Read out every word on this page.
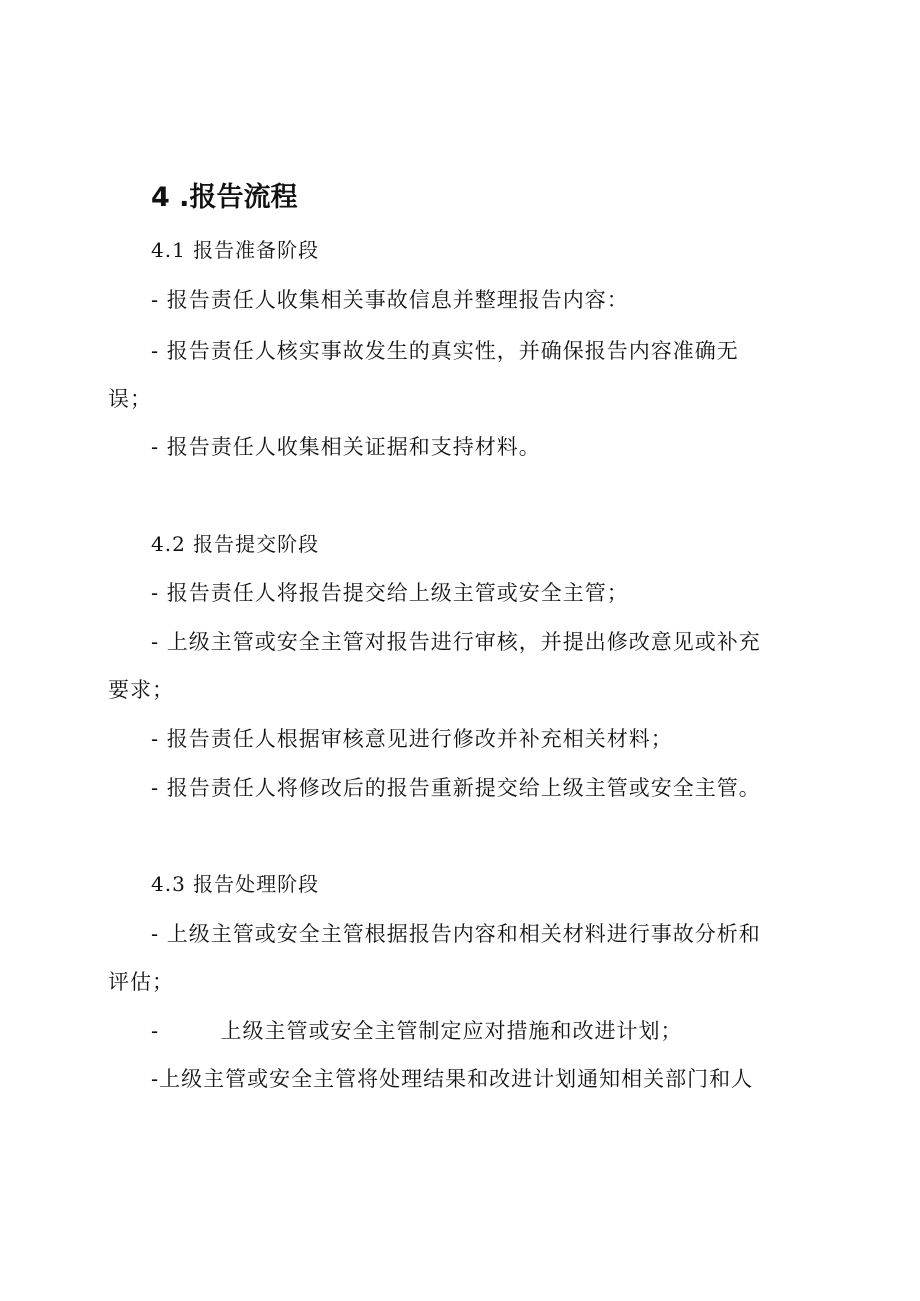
4 .报告流程
4.1 报告准备阶段
- 报告责任人收集相关事故信息并整理报告内容：
- 报告责任人核实事故发生的真实性，并确保报告内容准确无
误；
- 报告责任人收集相关证据和支持材料。
4.2 报告提交阶段
- 报告责任人将报告提交给上级主管或安全主管；
- 上级主管或安全主管对报告进行审核，并提出修改意见或补充
要求；
- 报告责任人根据审核意见进行修改并补充相关材料；
- 报告责任人将修改后的报告重新提交给上级主管或安全主管。
4.3 报告处理阶段
- 上级主管或安全主管根据报告内容和相关材料进行事故分析和
评估；
-        上级主管或安全主管制定应对措施和改进计划；
-上级主管或安全主管将处理结果和改进计划通知相关部门和人
